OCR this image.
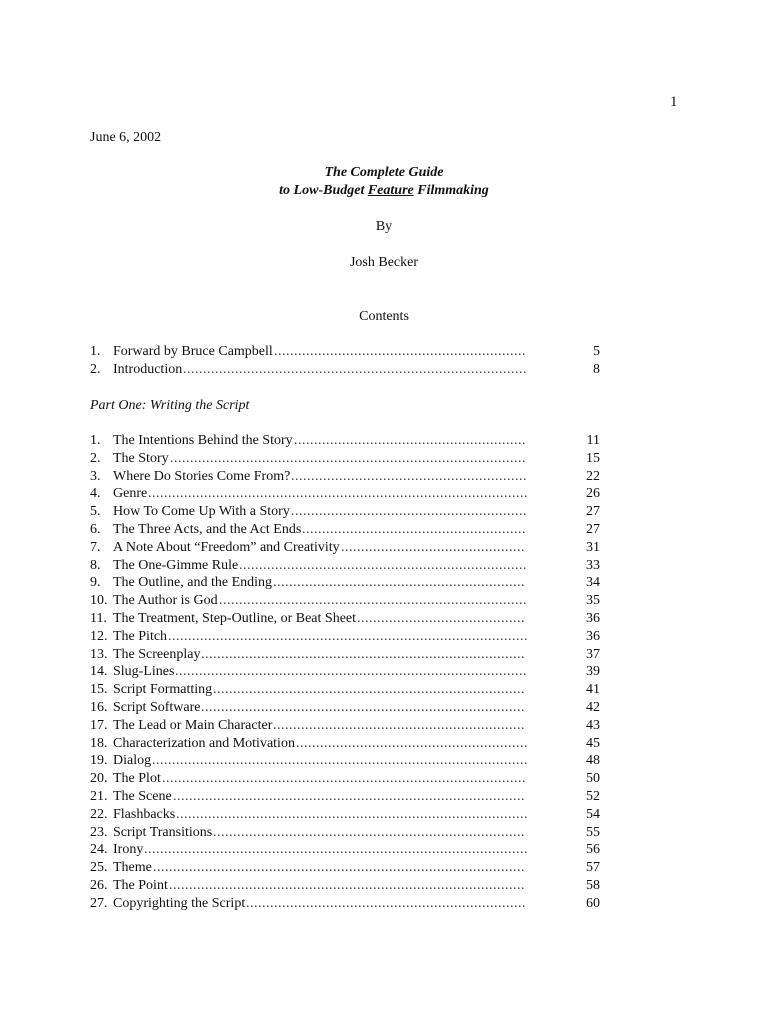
1
June 6, 2002
The Complete Guide
to Low-Budget Feature Filmmaking
By
Josh Becker
Contents
1. Forward by Bruce Campbell ...............................................................	5
2. Introduction ......................................................................................	8
Part One: Writing the Script
1. The Intentions Behind the Story ..........................................................	11
2. The Story .........................................................................................	15
3. Where Do Stories Come From? ...........................................................	22
4. Genre ...............................................................................................	26
5. How To Come Up With a Story ...........................................................	27
6. The Three Acts, and the Act Ends ........................................................	27
7. A Note About “Freedom” and Creativity ..............................................	31
8. The One-Gimme Rule ........................................................................	33
9. The Outline, and the Ending ...............................................................	34
10. The Author is God .............................................................................	35
11. The Treatment, Step-Outline, or Beat Sheet ..........................................	36
12. The Pitch ..........................................................................................	36
13. The Screenplay .................................................................................	37
14. Slug-Lines ........................................................................................	39
15. Script Formatting ..............................................................................	41
16. Script Software .................................................................................	42
17. The Lead or Main Character ...............................................................	43
18. Characterization and Motivation ..........................................................	45
19. Dialog ..............................................................................................	48
20. The Plot ...........................................................................................	50
21. The Scene ........................................................................................	52
22. Flashbacks ........................................................................................	54
23. Script Transitions ..............................................................................	55
24. Irony ................................................................................................	56
25. Theme .............................................................................................	57
26. The Point .........................................................................................	58
27. Copyrighting the Script ......................................................................	60
